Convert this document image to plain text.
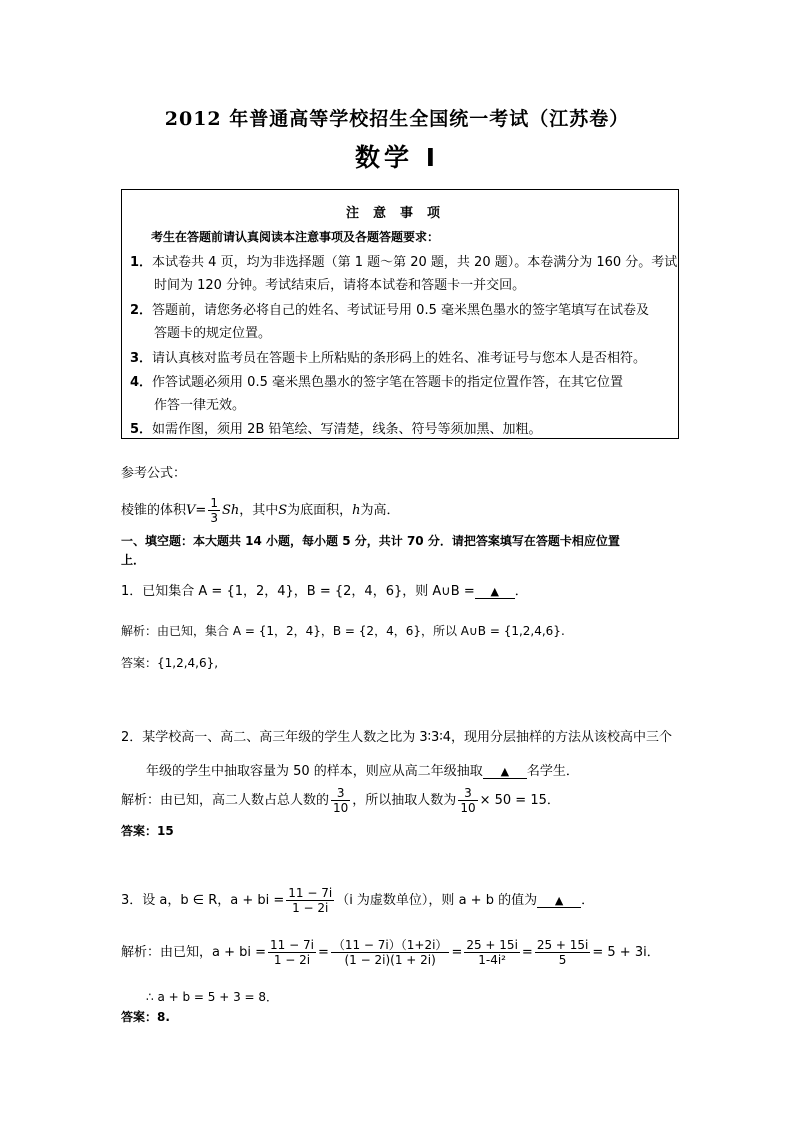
2012 年普通高等学校招生全国统一考试（江苏卷）
数学 Ⅰ
注意事项
考生在答题前请认真阅读本注意事项及各题答题要求：
1．本试卷共 4 页，均为非选择题（第 1 题～第 20 题，共 20 题）。本卷满分为 160 分。考试
时间为 120 分钟。考试结束后，请将本试卷和答题卡一并交回。
2．答题前，请您务必将自己的姓名、考试证号用 0.5 毫米黑色墨水的签字笔填写在试卷及
答题卡的规定位置。
3．请认真核对监考员在答题卡上所粘贴的条形码上的姓名、准考证号与您本人是否相符。
4．作答试题必须用 0.5 毫米黑色墨水的签字笔在答题卡的指定位置作答，在其它位置
作答一律无效。
5．如需作图，须用 2B 铅笔绘、写清楚，线条、符号等须加黑、加粗。
参考公式：
棱锥的体积$V= \frac{1}{3}$ Sh，其中S为底面积，h为高．
一、填空题：本大题共 14 小题，每小题 5 分，共计 70 分．请把答案填写在答题卡相应位置
上．
1．已知集合 A = {1，2，4}，B = {2，4，6}，则 A∪B = ▲ ．
解析：由已知，集合 A = {1，2，4}，B = {2，4，6}，所以 A∪B = {1,2,4,6}.
答案：{1,2,4,6},
2．某学校高一、高二、高三年级的学生人数之比为 3∶3∶4，现用分层抽样的方法从该校高中三个
年级的学生中抽取容量为 50 的样本，则应从高二年级抽取 ▲ 名学生．
解析：由已知，高二人数占总人数的 $\frac{3}{10}$ ，所以抽取人数为 $\frac{3}{10} \times 50 = 15$．
答案：15
3．设 a，b ∈ R，a + bi = $\frac{11 - 7i}{1 - 2i} (i$ 为虚数单位），则 a + b 的值为 ▲ ．
解析：由已知，a + bi = $\frac{11 - 7i}{1 - 2i} = \frac{(11 - 7i)(1+2i)}{(1 - 2i)(1 + 2i)} = \frac{25 + 15i}{\text{1-4i²}} = \frac{25 + 15i}{5} = 5 + 3i$．
∴ a + b = 5 + 3 = 8．
答案：8.
